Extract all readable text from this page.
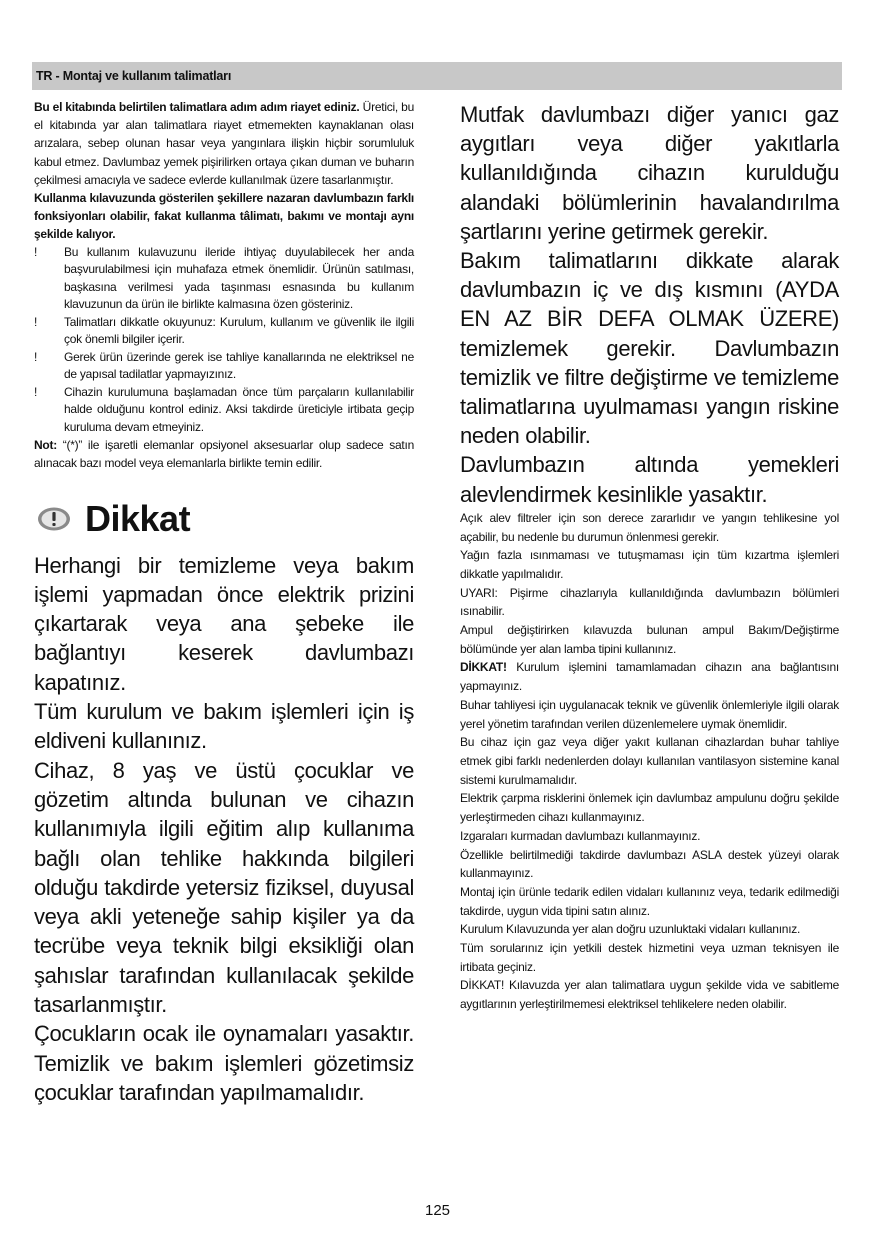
TR - Montaj ve kullanım talimatları

Bu el kitabında belirtilen talimatlara adım adım riayet ediniz. Üretici, bu el kitabında yar alan talimatlara riayet etmemekten kaynaklanan olası arızalara, sebep olunan hasar veya yangınlara ilişkin hiçbir sorumluluk kabul etmez. Davlumbaz yemek pişirilirken ortaya çıkan duman ve buharın çekilmesi amacıyla ve sadece evlerde kullanılmak üzere tasarlanmıştır.

Kullanma kılavuzunda gösterilen şekillere nazaran davlumbazın farklı fonksiyonları olabilir, fakat kullanma tâlimatı, bakımı ve montajı aynı şekilde kalıyor.

! Bu kullanım kulavuzunu ileride ihtiyaç duyulabilecek her anda başvurulabilmesi için muhafaza etmek önemlidir. Ürünün satılması, başkasına verilmesi yada taşınması esnasında bu kullanım klavuzunun da ürün ile birlikte kalmasına özen gösteriniz.
! Talimatları dikkatle okuyunuz: Kurulum, kullanım ve güvenlik ile ilgili çok önemli bilgiler içerir.
! Gerek ürün üzerinde gerek ise tahliye kanallarında ne elektriksel ne de yapısal tadilatlar yapmayızınız.
! Cihazin kurulumuna başlamadan önce tüm parçaların kullanılabilir halde olduğunu kontrol ediniz. Aksi takdirde üreticiyle irtibata geçip kuruluma devam etmeyiniz.

Not: “(*)” ile işaretli elemanlar opsiyonel aksesuarlar olup sadece satın alınacak bazı model veya elemanlarla birlikte temin edilir.

Dikkat

Herhangi bir temizleme veya bakım işlemi yapmadan önce elektrik prizini çıkartarak veya ana şebeke ile bağlantıyı keserek davlumbazı kapatınız.

Tüm kurulum ve bakım işlemleri için iş eldiveni kullanınız.

Cihaz, 8 yaş ve üstü çocuklar ve gözetim altında bulunan ve cihazın kullanımıyla ilgili eğitim alıp kullanıma bağlı olan tehlike hakkında bilgileri olduğu takdirde yetersiz fiziksel, duyusal veya akli yeteneğe sahip kişiler ya da tecrübe veya teknik bilgi eksikliği olan şahıslar tarafından kullanılacak şekilde tasarlanmıştır.

Çocukların ocak ile oynamaları yasaktır. Temizlik ve bakım işlemleri gözetimsiz çocuklar tarafından yapılmamalıdır.

Mutfak davlumbazı diğer yanıcı gaz aygıtları veya diğer yakıtlarla kullanıldığında cihazın kurulduğu alandaki bölümlerinin havalandırılma şartlarını yerine getirmek gerekir.

Bakım talimatlarını dikkate alarak davlumbazın iç ve dış kısmını (AYDA EN AZ BİR DEFA OLMAK ÜZERE) temizlemek gerekir. Davlumbazın temizlik ve filtre değiştirme ve temizleme talimatlarına uyulmaması yangın riskine neden olabilir.

Davlumbazın altında yemekleri alevlendirmek kesinlikle yasaktır.

Açık alev filtreler için son derece zararlıdır ve yangın tehlikesine yol açabilir, bu nedenle bu durumun önlenmesi gerekir.

Yağın fazla ısınmaması ve tutuşmaması için tüm kızartma işlemleri dikkatle yapılmalıdır.

UYARI: Pişirme cihazlarıyla kullanıldığında davlumbazın bölümleri ısınabilir.

Ampul değiştirirken kılavuzda bulunan ampul Bakım/Değiştirme bölümünde yer alan lamba tipini kullanınız.

DİKKAT! Kurulum işlemini tamamlamadan cihazın ana bağlantısını yapmayınız.

Buhar tahliyesi için uygulanacak teknik ve güvenlik önlemleriyle ilgili olarak yerel yönetim tarafından verilen düzenlemelere uymak önemlidir.

Bu cihaz için gaz veya diğer yakıt kullanan cihazlardan buhar tahliye etmek gibi farklı nedenlerden dolayı kullanılan vantilasyon sistemine kanal sistemi kurulmamalıdır.

Elektrik çarpma risklerini önlemek için davlumbaz ampulunu doğru şekilde yerleştirmeden cihazı kullanmayınız.

Izgaraları kurmadan davlumbazı kullanmayınız.

Özellikle belirtilmediği takdirde davlumbazı ASLA destek yüzeyi olarak kullanmayınız.

Montaj için ürünle tedarik edilen vidaları kullanınız veya, tedarik edilmediği takdirde, uygun vida tipini satın alınız.

Kurulum Kılavuzunda yer alan doğru uzunluktaki vidaları kullanınız.

Tüm sorularınız için yetkili destek hizmetini veya uzman teknisyen ile irtibata geçiniz.

DİKKAT! Kılavuzda yer alan talimatlara uygun şekilde vida ve sabitleme aygıtlarının yerleştirilmemesi elektriksel tehlikelere neden olabilir.

125
